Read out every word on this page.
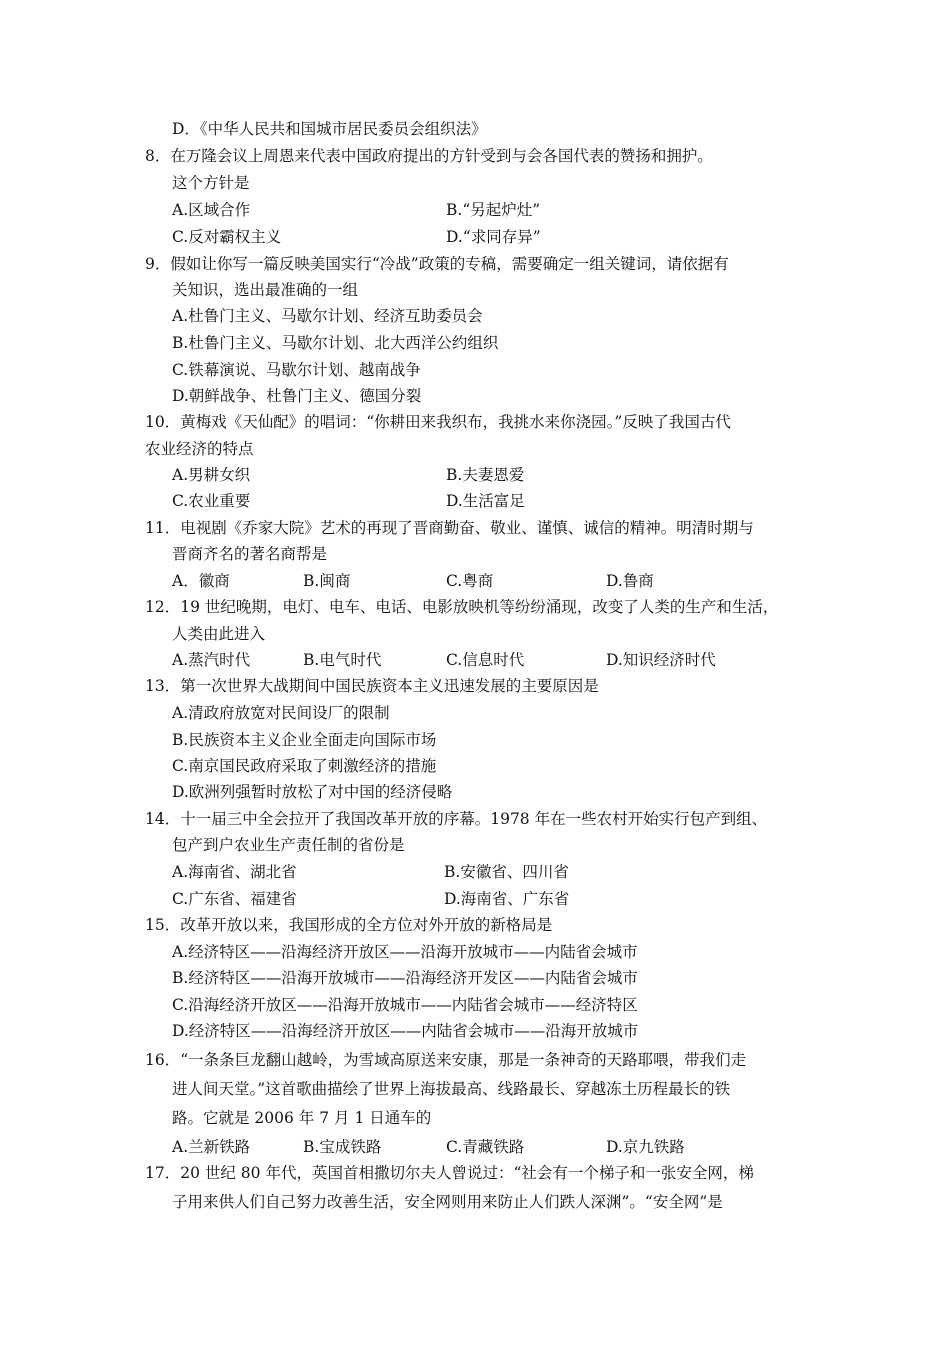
D．《中华人民共和国城市居民委员会组织法》
8．在万隆会议上周恩来代表中国政府提出的方针受到与会各国代表的赞扬和拥护。
这个方针是
A.区域合作	B.“另起炉灶”
C.反对霸权主义	D.“求同存异”
9．假如让你写一篇反映美国实行“冷战”政策的专稿，需要确定一组关键词，请依据有
关知识，选出最准确的一组
A.杜鲁门主义、马歇尔计划、经济互助委员会
B.杜鲁门主义、马歇尔计划、北大西洋公约组织
C.铁幕演说、马歇尔计划、越南战争
D.朝鲜战争、杜鲁门主义、德国分裂
10．黄梅戏《天仙配》的唱词：“你耕田来我织布，我挑水来你浇园。”反映了我国古代
农业经济的特点
A.男耕女织	B.夫妻恩爱
C.农业重要	D.生活富足
11．电视剧《乔家大院》艺术的再现了晋商勤奋、敬业、谨慎、诚信的精神。明清时期与
晋商齐名的著名商帮是
A．徽商	B.闽商	C.粤商	D.鲁商
12．19 世纪晚期，电灯、电车、电话、电影放映机等纷纷涌现，改变了人类的生产和生活，
人类由此进入
A.蒸汽时代	B.电气时代	C.信息时代	D.知识经济时代
13．第一次世界大战期间中国民族资本主义迅速发展的主要原因是
A.清政府放宽对民间设厂的限制
B.民族资本主义企业全面走向国际市场
C.南京国民政府采取了刺激经济的措施
D.欧洲列强暂时放松了对中国的经济侵略
14．十一届三中全会拉开了我国改革开放的序幕。1978 年在一些农村开始实行包产到组、
包产到户农业生产责任制的省份是
A.海南省、湖北省	B.安徽省、四川省
C.广东省、福建省	D.海南省、广东省
15．改革开放以来，我国形成的全方位对外开放的新格局是
A.经济特区——沿海经济开放区——沿海开放城市——内陆省会城市
B.经济特区——沿海开放城市——沿海经济开发区——内陆省会城市
C.沿海经济开放区——沿海开放城市——内陆省会城市——经济特区
D.经济特区——沿海经济开放区——内陆省会城市——沿海开放城市
16．“一条条巨龙翻山越岭，为雪域高原送来安康，那是一条神奇的天路耶喂，带我们走
进人间天堂。”这首歌曲描绘了世界上海拔最高、线路最长、穿越冻土历程最长的铁
路。它就是 2006 年 7 月 1 日通车的
A.兰新铁路	B.宝成铁路	C.青藏铁路	D.京九铁路
17．20 世纪 80 年代，英国首相撒切尔夫人曾说过：“社会有一个梯子和一张安全网，梯
子用来供人们自己努力改善生活，安全网则用来防止人们跌人深渊”。“安全网”是
